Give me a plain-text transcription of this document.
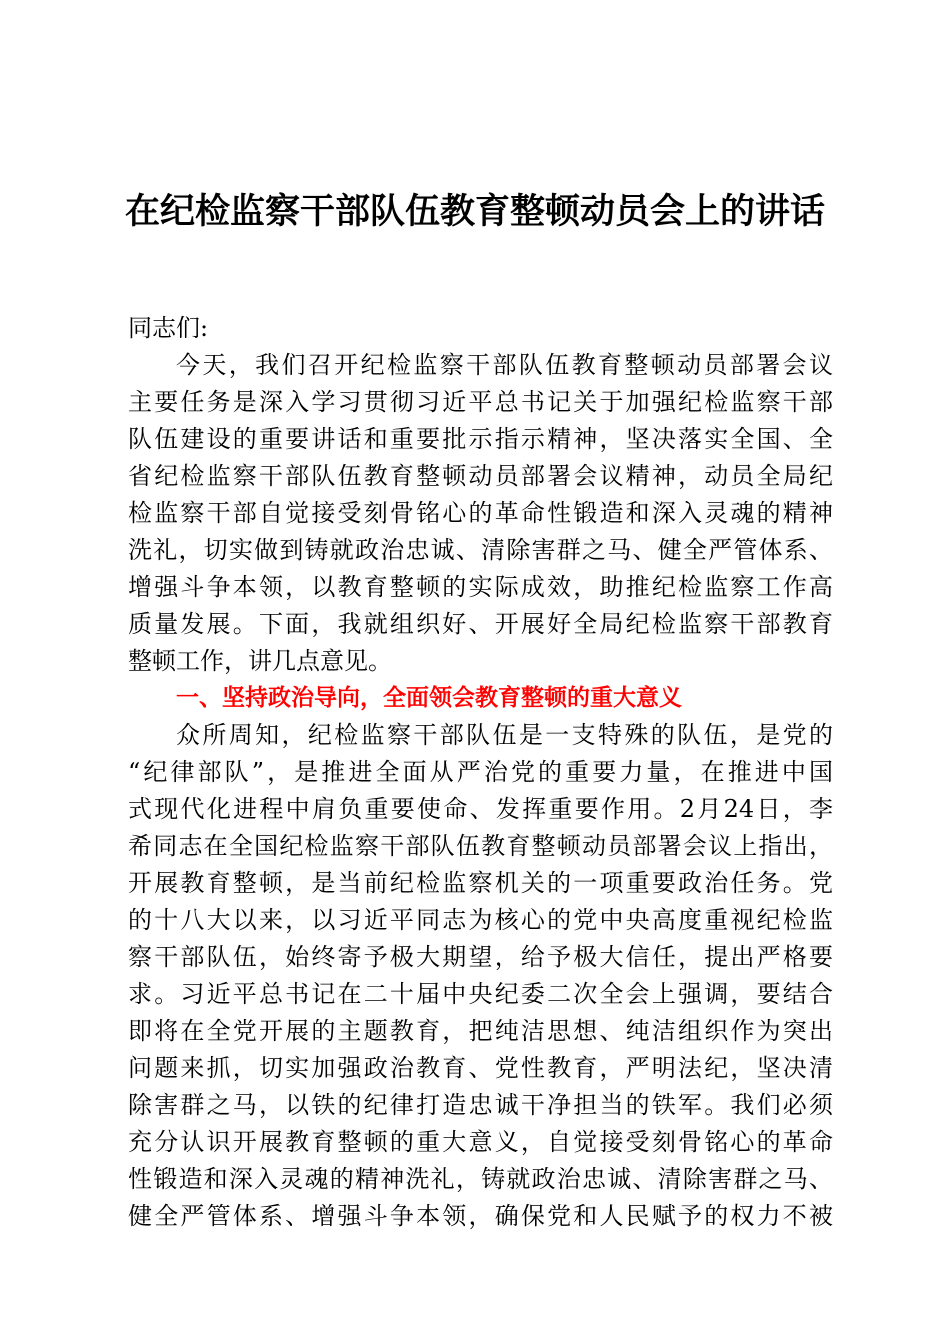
在纪检监察干部队伍教育整顿动员会上的讲话
同志们:
今天，我们召开纪检监察干部队伍教育整顿动员部署会议
主要任务是深入学习贯彻习近平总书记关于加强纪检监察干部
队伍建设的重要讲话和重要批示指示精神，坚决落实全国、全
省纪检监察干部队伍教育整顿动员部署会议精神，动员全局纪
检监察干部自觉接受刻骨铭心的革命性锻造和深入灵魂的精神
洗礼，切实做到铸就政治忠诚、清除害群之马、健全严管体系、
增强斗争本领，以教育整顿的实际成效，助推纪检监察工作高
质量发展。下面，我就组织好、开展好全局纪检监察干部教育
整顿工作，讲几点意见。
一、坚持政治导向，全面领会教育整顿的重大意义
众所周知，纪检监察干部队伍是一支特殊的队伍，是党的
“纪律部队”，是推进全面从严治党的重要力量，在推进中国
式现代化进程中肩负重要使命、发挥重要作用。2月24日，李
希同志在全国纪检监察干部队伍教育整顿动员部署会议上指出，
开展教育整顿，是当前纪检监察机关的一项重要政治任务。党
的十八大以来，以习近平同志为核心的党中央高度重视纪检监
察干部队伍，始终寄予极大期望，给予极大信任，提出严格要
求。习近平总书记在二十届中央纪委二次全会上强调，要结合
即将在全党开展的主题教育，把纯洁思想、纯洁组织作为突出
问题来抓，切实加强政治教育、党性教育，严明法纪，坚决清
除害群之马，以铁的纪律打造忠诚干净担当的铁军。我们必须
充分认识开展教育整顿的重大意义，自觉接受刻骨铭心的革命
性锻造和深入灵魂的精神洗礼，铸就政治忠诚、清除害群之马、
健全严管体系、增强斗争本领，确保党和人民赋予的权力不被
